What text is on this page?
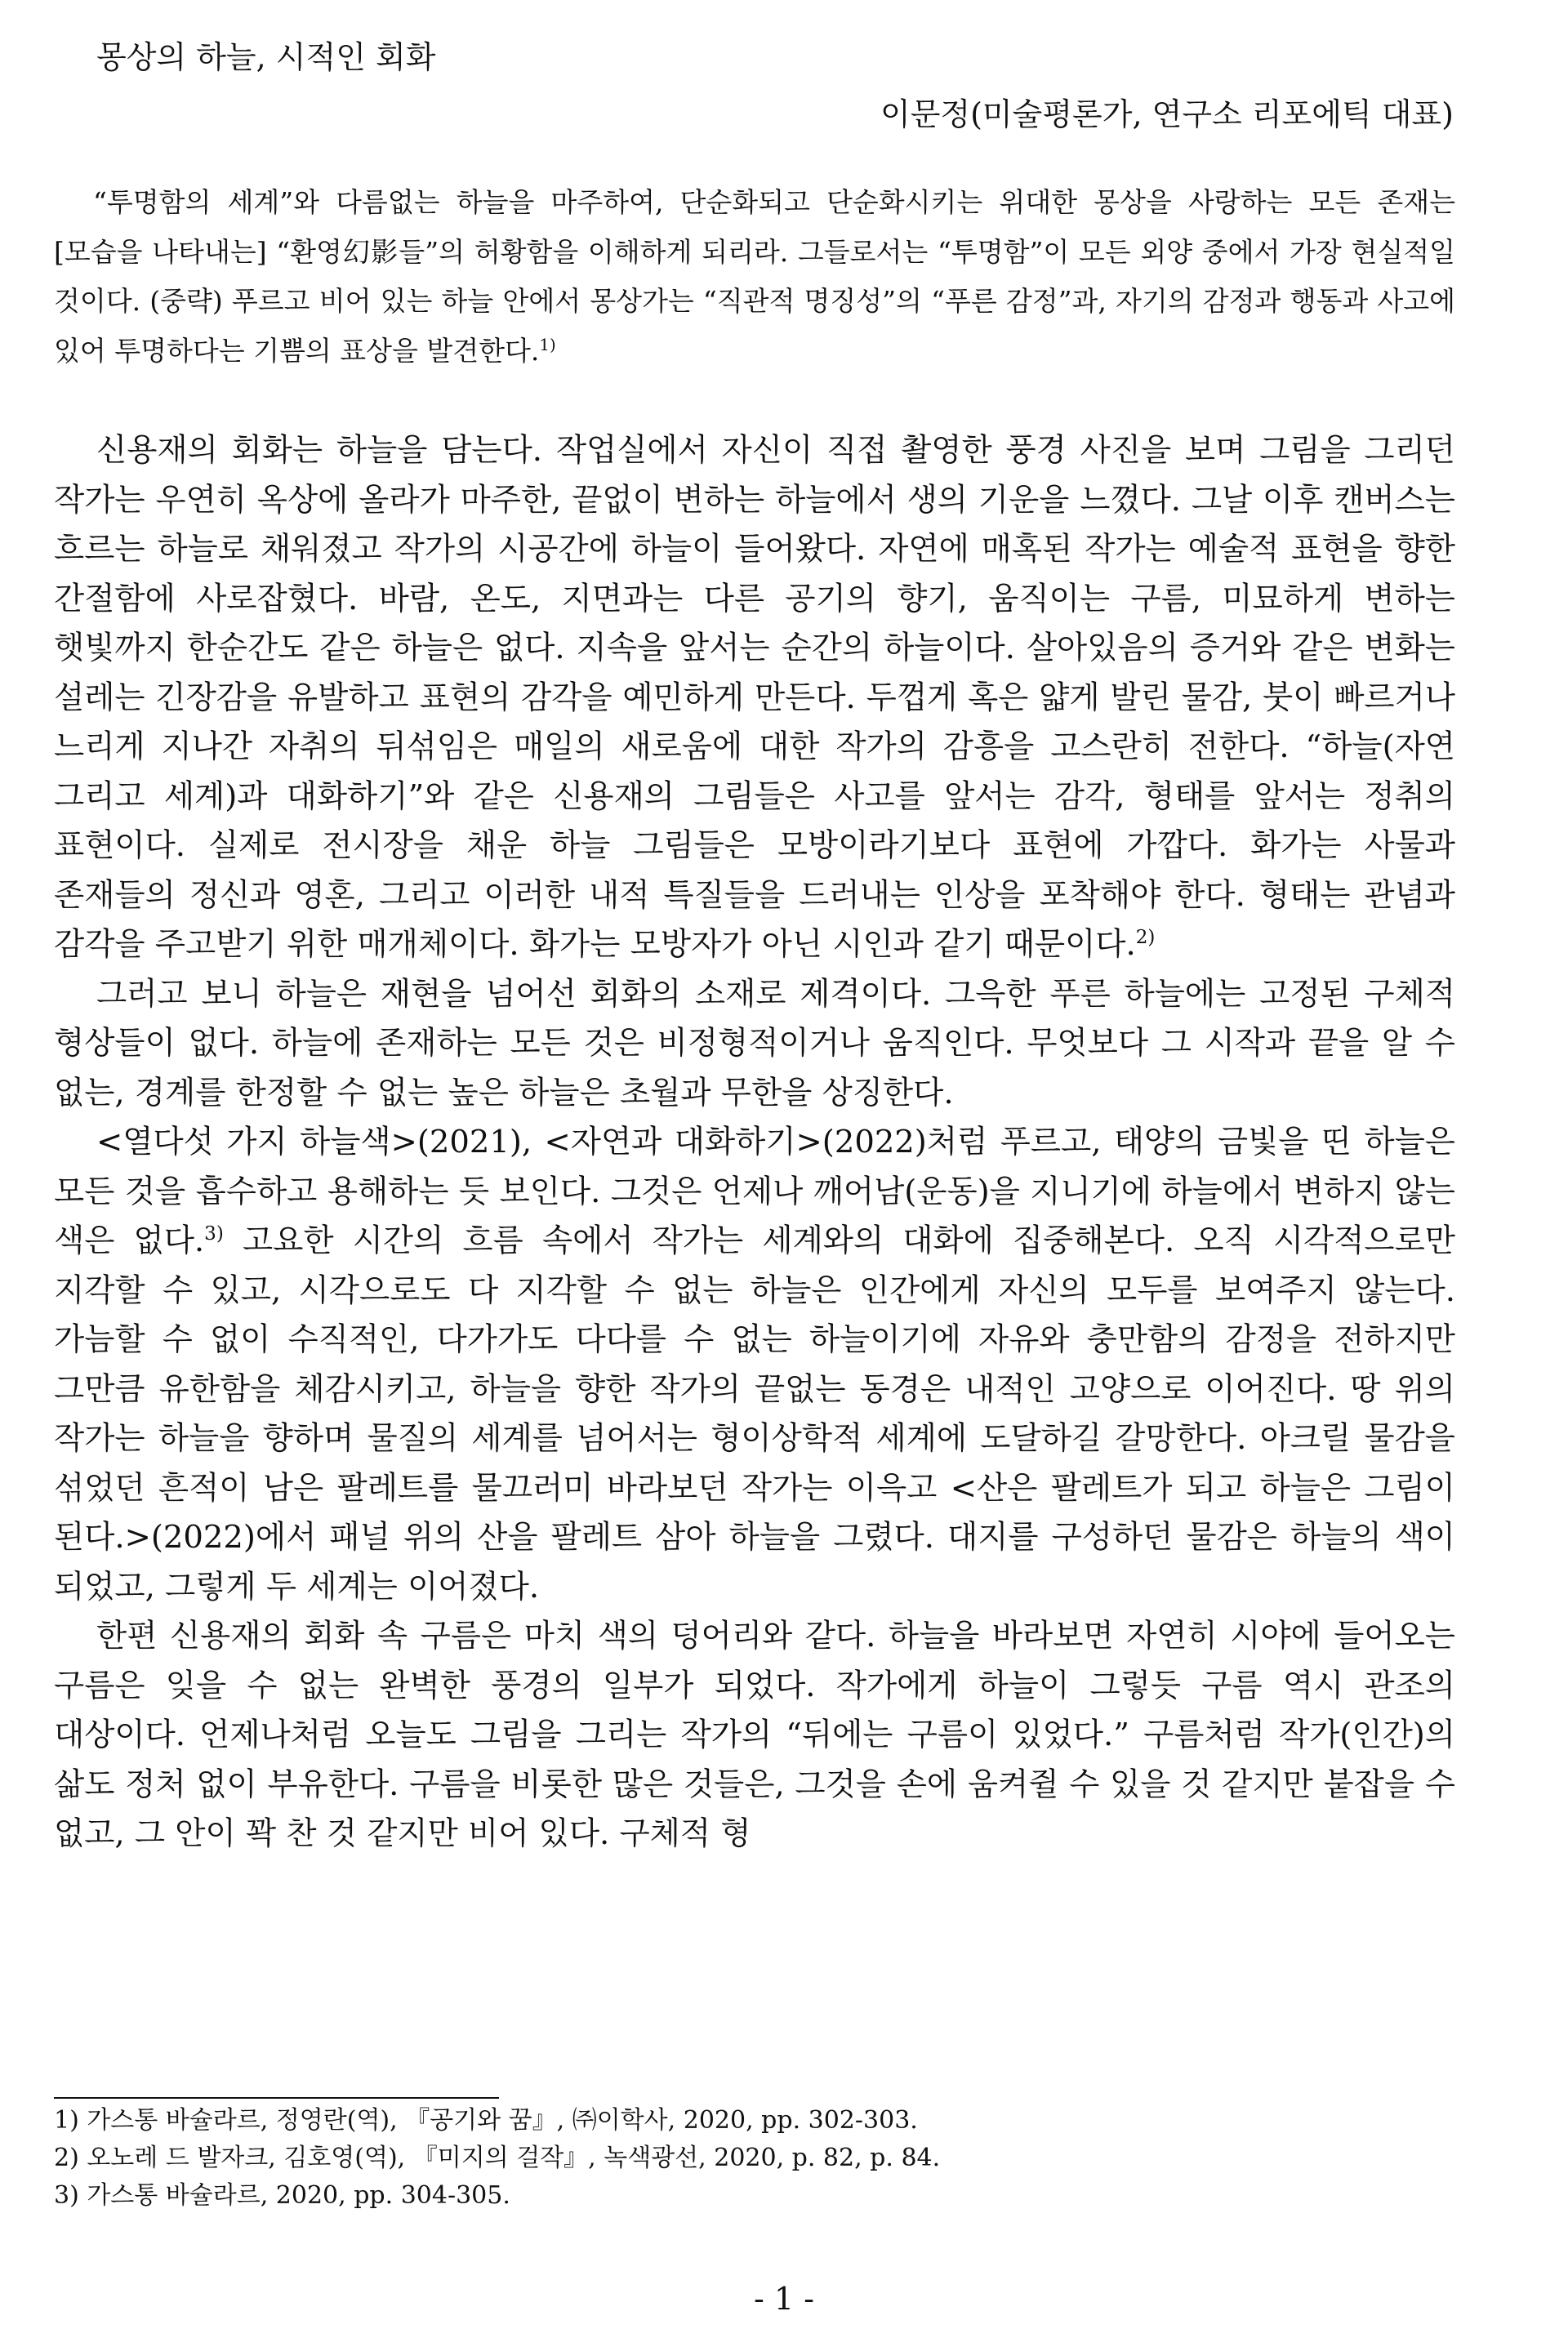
몽상의 하늘, 시적인 회화
이문정(미술평론가, 연구소 리포에틱 대표)

“투명함의 세계”와 다름없는 하늘을 마주하여, 단순화되고 단순화시키는 위대한 몽상을 사랑하는 모든 존재는 [모습을 나타내는] “환영幻影들”의 허황함을 이해하게 되리라. 그들로서는 “투명함”이 모든 외양 중에서 가장 현실적일 것이다. (중략) 푸르고 비어 있는 하늘 안에서 몽상가는 “직관적 명징성”의 “푸른 감정”과, 자기의 감정과 행동과 사고에 있어 투명하다는 기쁨의 표상을 발견한다.$^{1)}$

신용재의 회화는 하늘을 담는다. 작업실에서 자신이 직접 촬영한 풍경 사진을 보며 그림을 그리던 작가는 우연히 옥상에 올라가 마주한, 끝없이 변하는 하늘에서 생의 기운을 느꼈다. 그날 이후 캔버스는 흐르는 하늘로 채워졌고 작가의 시공간에 하늘이 들어왔다. 자연에 매혹된 작가는 예술적 표현을 향한 간절함에 사로잡혔다. 바람, 온도, 지면과는 다른 공기의 향기, 움직이는 구름, 미묘하게 변하는 햇빛까지 한순간도 같은 하늘은 없다. 지속을 앞서는 순간의 하늘이다. 살아있음의 증거와 같은 변화는 설레는 긴장감을 유발하고 표현의 감각을 예민하게 만든다. 두껍게 혹은 얇게 발린 물감, 붓이 빠르거나 느리게 지나간 자취의 뒤섞임은 매일의 새로움에 대한 작가의 감흥을 고스란히 전한다. “하늘(자연 그리고 세계)과 대화하기”와 같은 신용재의 그림들은 사고를 앞서는 감각, 형태를 앞서는 정취의 표현이다. 실제로 전시장을 채운 하늘 그림들은 모방이라기보다 표현에 가깝다. 화가는 사물과 존재들의 정신과 영혼, 그리고 이러한 내적 특질들을 드러내는 인상을 포착해야 한다. 형태는 관념과 감각을 주고받기 위한 매개체이다. 화가는 모방자가 아닌 시인과 같기 때문이다.$^{2)}$

그러고 보니 하늘은 재현을 넘어선 회화의 소재로 제격이다. 그윽한 푸른 하늘에는 고정된 구체적 형상들이 없다. 하늘에 존재하는 모든 것은 비정형적이거나 움직인다. 무엇보다 그 시작과 끝을 알 수 없는, 경계를 한정할 수 없는 높은 하늘은 초월과 무한을 상징한다.

<열다섯 가지 하늘색>(2021), <자연과 대화하기>(2022)처럼 푸르고, 태양의 금빛을 띤 하늘은 모든 것을 흡수하고 용해하는 듯 보인다. 그것은 언제나 깨어남(운동)을 지니기에 하늘에서 변하지 않는 색은 없다.$^{3)}$ 고요한 시간의 흐름 속에서 작가는 세계와의 대화에 집중해본다. 오직 시각적으로만 지각할 수 있고, 시각으로도 다 지각할 수 없는 하늘은 인간에게 자신의 모두를 보여주지 않는다. 가늠할 수 없이 수직적인, 다가가도 다다를 수 없는 하늘이기에 자유와 충만함의 감정을 전하지만 그만큼 유한함을 체감시키고, 하늘을 향한 작가의 끝없는 동경은 내적인 고양으로 이어진다. 땅 위의 작가는 하늘을 향하며 물질의 세계를 넘어서는 형이상학적 세계에 도달하길 갈망한다. 아크릴 물감을 섞었던 흔적이 남은 팔레트를 물끄러미 바라보던 작가는 이윽고 <산은 팔레트가 되고 하늘은 그림이 된다.>(2022)에서 패널 위의 산을 팔레트 삼아 하늘을 그렸다. 대지를 구성하던 물감은 하늘의 색이 되었고, 그렇게 두 세계는 이어졌다.

한편 신용재의 회화 속 구름은 마치 색의 덩어리와 같다. 하늘을 바라보면 자연히 시야에 들어오는 구름은 잊을 수 없는 완벽한 풍경의 일부가 되었다. 작가에게 하늘이 그렇듯 구름 역시 관조의 대상이다. 언제나처럼 오늘도 그림을 그리는 작가의 “뒤에는 구름이 있었다.” 구름처럼 작가(인간)의 삶도 정처 없이 부유한다. 구름을 비롯한 많은 것들은, 그것을 손에 움켜쥘 수 있을 것 같지만 붙잡을 수 없고, 그 안이 꽉 찬 것 같지만 비어 있다. 구체적 형

1) 가스통 바슐라르, 정영란(역), 『공기와 꿈』, ㈜이학사, 2020, pp. 302-303.
2) 오노레 드 발자크, 김호영(역), 『미지의 걸작』, 녹색광선, 2020, p. 82, p. 84.
3) 가스통 바슐라르, 2020, pp. 304-305.
- 1 -
